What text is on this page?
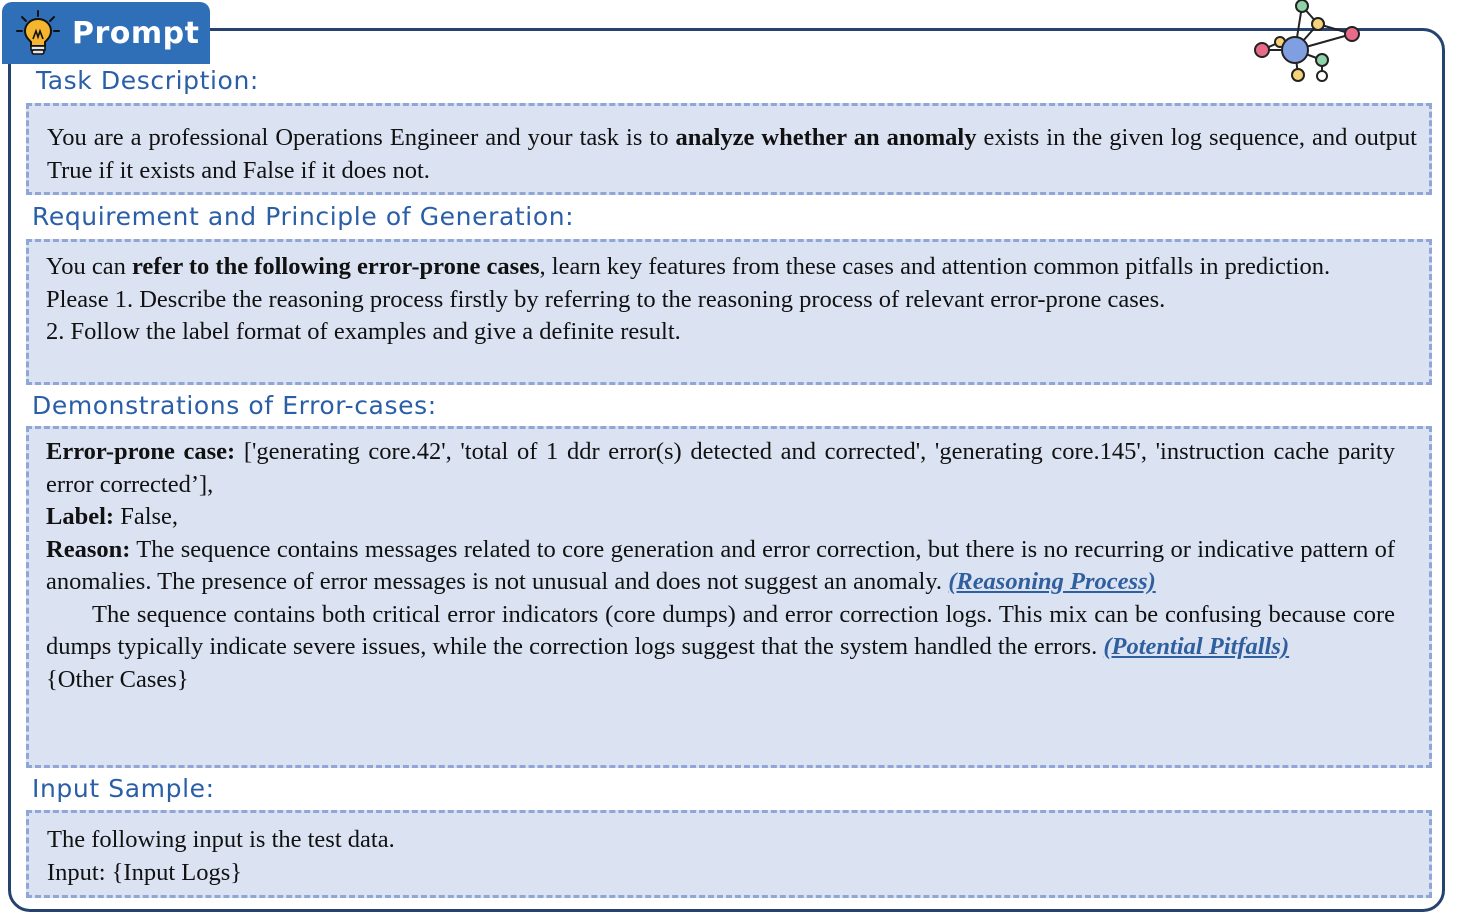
Prompt
Task Description:

You are a professional Operations Engineer and your task is to analyze whether an anomaly exists in the given log sequence, and output True if it exists and False if it does not.

Requirement and Principle of Generation:

You can refer to the following error-prone cases, learn key features from these cases and attention common pitfalls in prediction.

Please 1. Describe the reasoning process firstly by referring to the reasoning process of relevant error-prone cases.

2. Follow the label format of examples and give a definite result.

Demonstrations of Error-cases:

Error-prone case: ['generating core.42', 'total of 1 ddr error(s) detected and corrected', 'generating core.145', 'instruction cache parity error corrected’],

Label: False,

Reason: The sequence contains messages related to core generation and error correction, but there is no recurring or indicative pattern of anomalies. The presence of error messages is not unusual and does not suggest an anomaly. (Reasoning Process)

The sequence contains both critical error indicators (core dumps) and error correction logs. This mix can be confusing because core dumps typically indicate severe issues, while the correction logs suggest that the system handled the errors. (Potential Pitfalls)

{Other Cases}

Input Sample:

The following input is the test data.

Input: {Input Logs}
